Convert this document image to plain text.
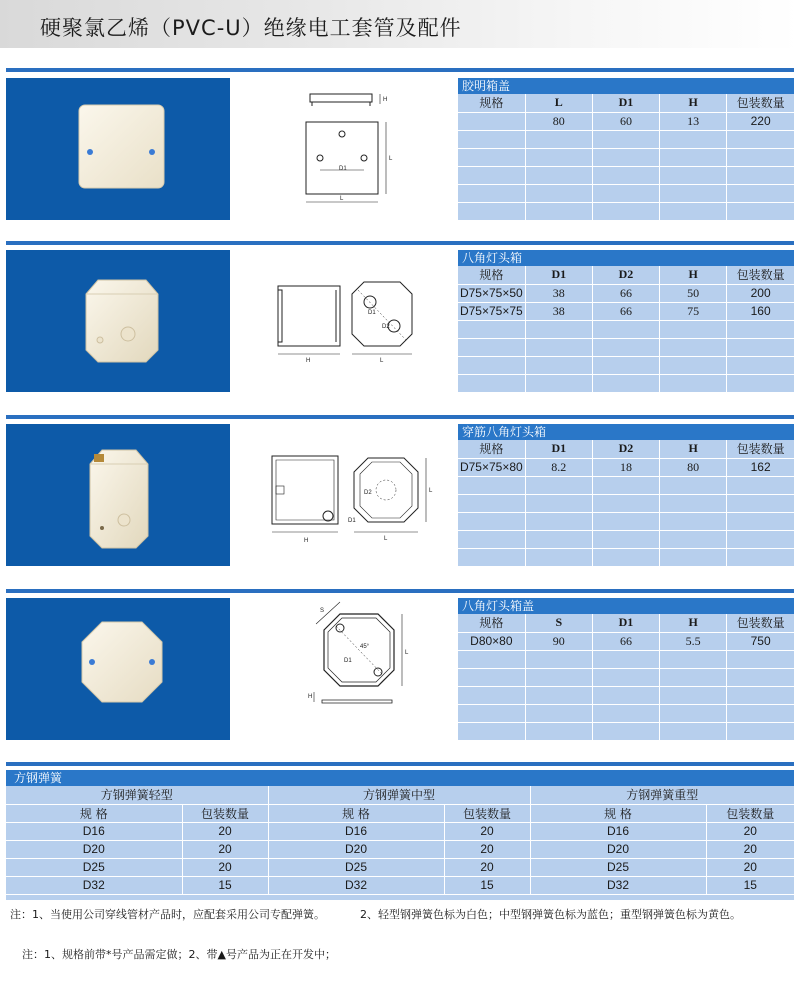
硬聚氯乙烯（PVC-U）绝缘电工套管及配件
D1
L
L
H
胶明箱盖
规格	L	D1	H	包装数量
	80	60	13	220

H
D1
D2
L
八角灯头箱
规格	D1	D2	H	包装数量
D75×75×50	38	66	50	200
D75×75×75	38	66	75	160

H
D2
D1
L
L
穿筋八角灯头箱
规格	D1	D2	H	包装数量
D75×75×80	8.2	18	80	162

S
D1
45°
L
H
八角灯头箱盖
规格	S	D1	H	包装数量
D80×80	90	66	5.5	750

方钢弹簧
方钢弹簧轻型		方钢弹簧中型		方钢弹簧重型	
规 格	包装数量	规 格	包装数量	规 格	包装数量
D16	20	D16	20	D16	20
D20	20	D20	20	D20	20
D25	20	D25	20	D25	20
D32	15	D32	15	D32	15
注：1、当使用公司穿线管材产品时，应配套采用公司专配弹簧。	2、轻型钢弹簧色标为白色；中型钢弹簧色标为蓝色；重型钢弹簧色标为黄色。
注：1、规格前带*号产品需定做；2、带▲号产品为正在开发中；
